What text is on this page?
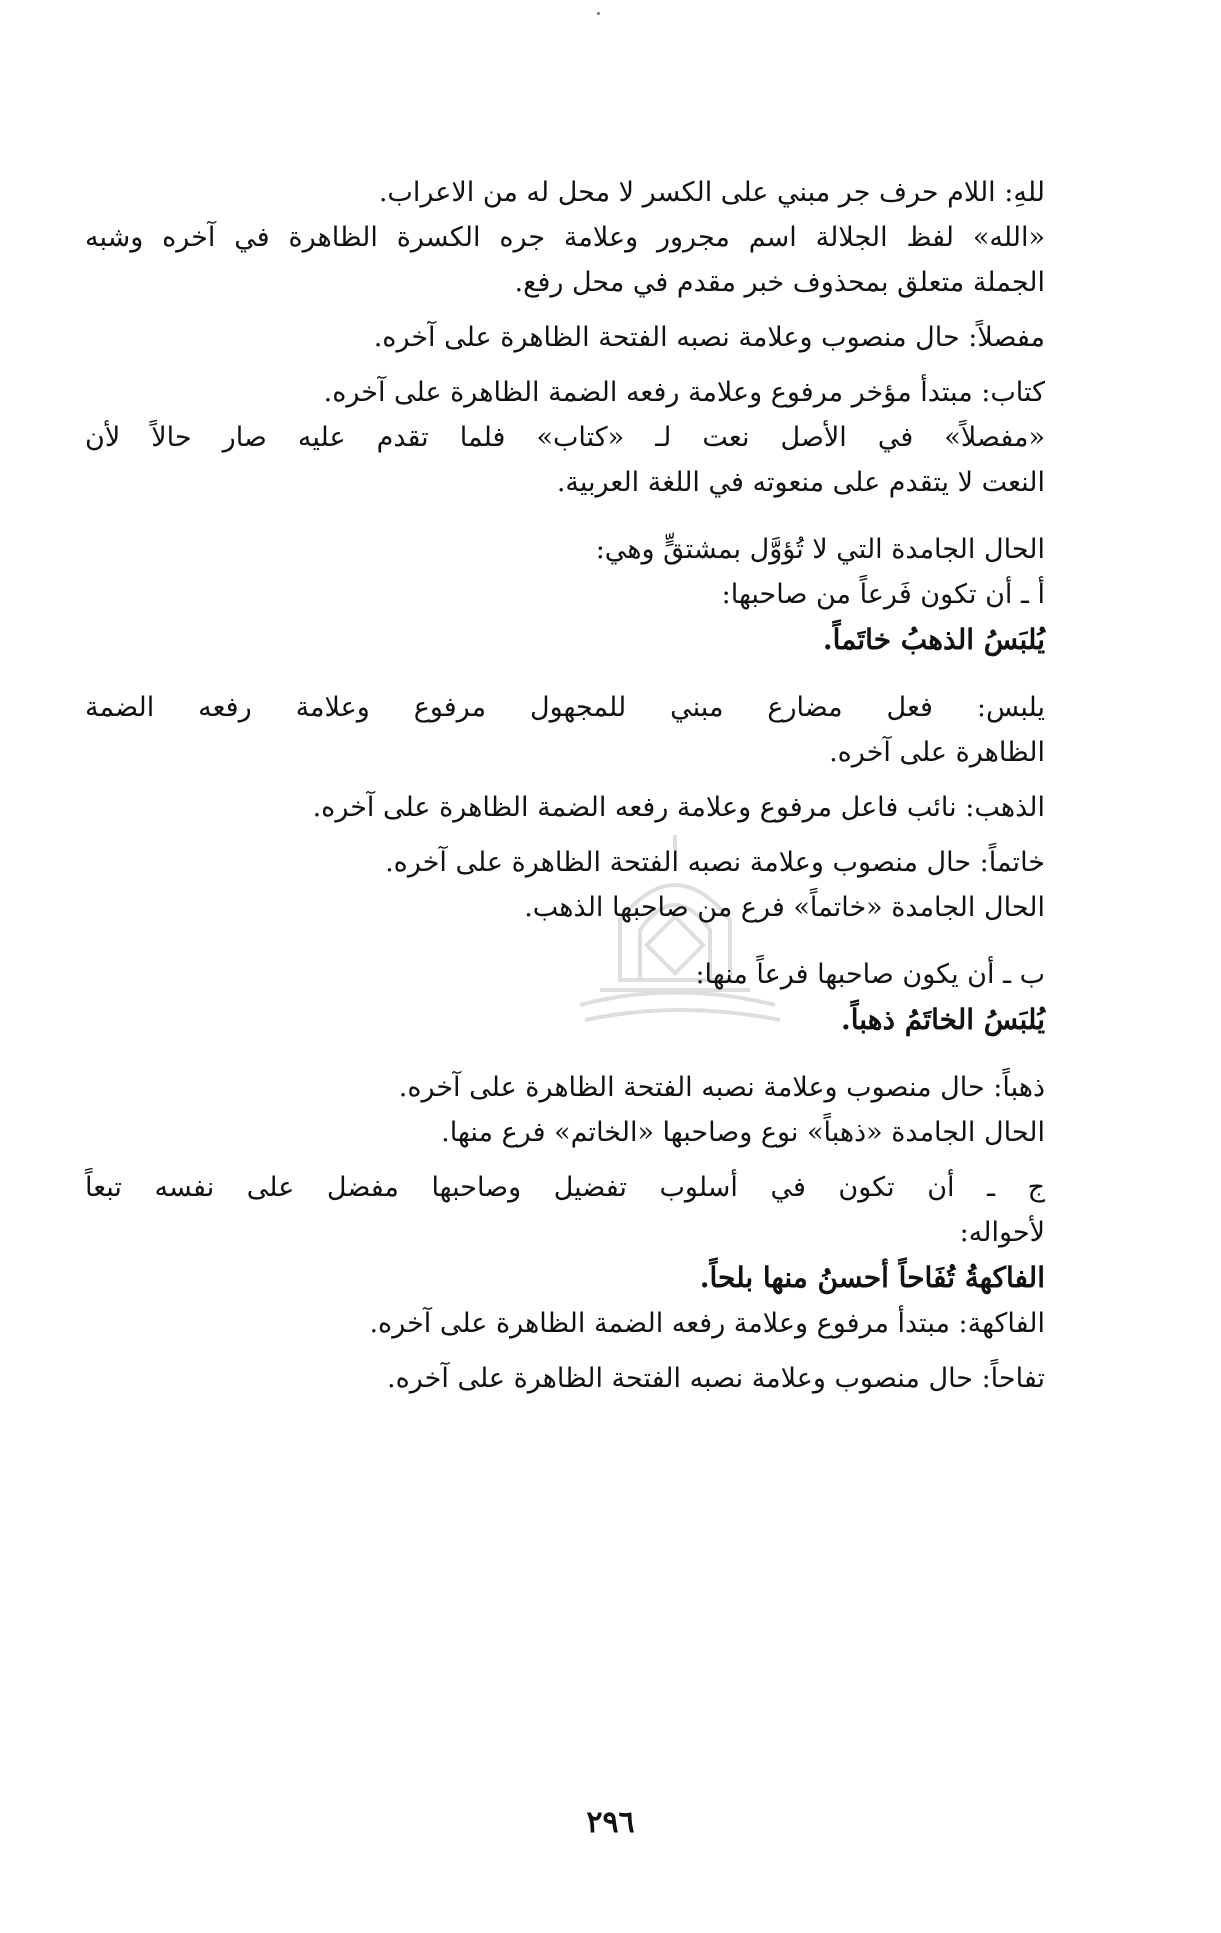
للهِ: اللام حرف جر مبني على الكسر لا محل له من الاعراب.

«الله» لفظ الجلالة اسم مجرور وعلامة جره الكسرة الظاهرة في آخره وشبه

الجملة متعلق بمحذوف خبر مقدم في محل رفع.

مفصلاً: حال منصوب وعلامة نصبه الفتحة الظاهرة على آخره.

كتاب: مبتدأ مؤخر مرفوع وعلامة رفعه الضمة الظاهرة على آخره.

«مفصلاً» في الأصل نعت لـ «كتاب» فلما تقدم عليه صار حالاً لأن

النعت لا يتقدم على منعوته في اللغة العربية.

الحال الجامدة التي لا تُؤوَّل بمشتقٍّ وهي:

أ ـ أن تكون فَرعاً من صاحبها:

يُلبَسُ الذهبُ خاتَماً.

يلبس: فعل مضارع مبني للمجهول مرفوع وعلامة رفعه الضمة

الظاهرة على آخره.

الذهب: نائب فاعل مرفوع وعلامة رفعه الضمة الظاهرة على آخره.

خاتماً: حال منصوب وعلامة نصبه الفتحة الظاهرة على آخره.

الحال الجامدة «خاتماً» فرع من صاحبها الذهب.

ب ـ أن يكون صاحبها فرعاً منها:

يُلبَسُ الخاتَمُ ذهباً.

ذهباً: حال منصوب وعلامة نصبه الفتحة الظاهرة على آخره.

الحال الجامدة «ذهباً» نوع وصاحبها «الخاتم» فرع منها.

ج ـ أن تكون في أسلوب تفضيل وصاحبها مفضل على نفسه تبعاً

لأحواله:

الفاكهةُ تُفَاحاً أحسنُ منها بلحاً.

الفاكهة: مبتدأ مرفوع وعلامة رفعه الضمة الظاهرة على آخره.

تفاحاً: حال منصوب وعلامة نصبه الفتحة الظاهرة على آخره.

٢٩٦
